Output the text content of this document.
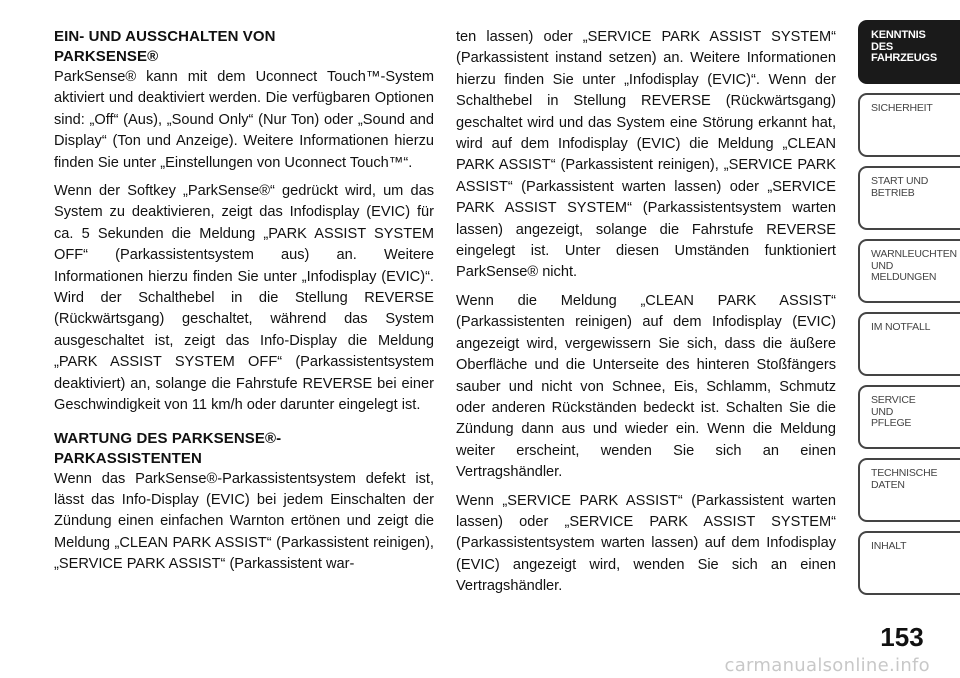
EIN- UND AUSSCHALTEN VON
PARKSENSE®

ParkSense® kann mit dem Uconnect Touch™-System aktiviert und deaktiviert werden. Die verfügbaren Optionen sind: „Off“ (Aus), „Sound Only“ (Nur Ton) oder „Sound and Display“ (Ton und Anzeige). Weitere Informationen hierzu finden Sie unter „Einstellungen von Uconnect Touch™“.

Wenn der Softkey „ParkSense®“ gedrückt wird, um das System zu deaktivieren, zeigt das Infodisplay (EVIC) für ca. 5 Sekunden die Meldung „PARK ASSIST SYSTEM OFF“ (Parkassistentsystem aus) an. Weitere Informationen hierzu finden Sie unter „Infodisplay (EVIC)“. Wird der Schalthebel in die Stellung REVERSE (Rückwärtsgang) geschaltet, während das System ausgeschaltet ist, zeigt das Info-Display die Meldung „PARK ASSIST SYSTEM OFF“ (Parkassistentsystem deaktiviert) an, solange die Fahrstufe REVERSE bei einer Geschwindigkeit von 11 km/h oder darunter eingelegt ist.

WARTUNG DES PARKSENSE®-
PARKASSISTENTEN

Wenn das ParkSense®-Parkassistentsystem defekt ist, lässt das Info-Display (EVIC) bei jedem Einschalten der Zündung einen einfachen Warnton ertönen und zeigt die Meldung „CLEAN PARK ASSIST“ (Parkassistent reinigen), „SERVICE PARK ASSIST“ (Parkassistent war-

ten lassen) oder „SERVICE PARK ASSIST SYSTEM“ (Parkassistent instand setzen) an. Weitere Informationen hierzu finden Sie unter „Infodisplay (EVIC)“. Wenn der Schalthebel in Stellung REVERSE (Rückwärtsgang) geschaltet wird und das System eine Störung erkannt hat, wird auf dem Infodisplay (EVIC) die Meldung „CLEAN PARK ASSIST“ (Parkassistent reinigen), „SERVICE PARK ASSIST“ (Parkassistent warten lassen) oder „SERVICE PARK ASSIST SYSTEM“ (Parkassistentsystem warten lassen) angezeigt, solange die Fahrstufe REVERSE eingelegt ist. Unter diesen Umständen funktioniert ParkSense® nicht.

Wenn die Meldung „CLEAN PARK ASSIST“ (Parkassistenten reinigen) auf dem Infodisplay (EVIC) angezeigt wird, vergewissern Sie sich, dass die äußere Oberfläche und die Unterseite des hinteren Stoßfängers sauber und nicht von Schnee, Eis, Schlamm, Schmutz oder anderen Rückständen bedeckt ist. Schalten Sie die Zündung dann aus und wieder ein. Wenn die Meldung weiter erscheint, wenden Sie sich an einen Vertragshändler.

Wenn „SERVICE PARK ASSIST“ (Parkassistent warten lassen) oder „SERVICE PARK ASSIST SYSTEM“ (Parkassistentsystem warten lassen) auf dem Infodisplay (EVIC) angezeigt wird, wenden Sie sich an einen Vertragshändler.

KENNTNIS
DES
FAHRZEUGS
SICHERHEIT
START UND
BETRIEB
WARNLEUCHTEN
UND
MELDUNGEN
IM NOTFALL
SERVICE
UND
PFLEGE
TECHNISCHE
DATEN
INHALT
153
carmanualsonline.info
